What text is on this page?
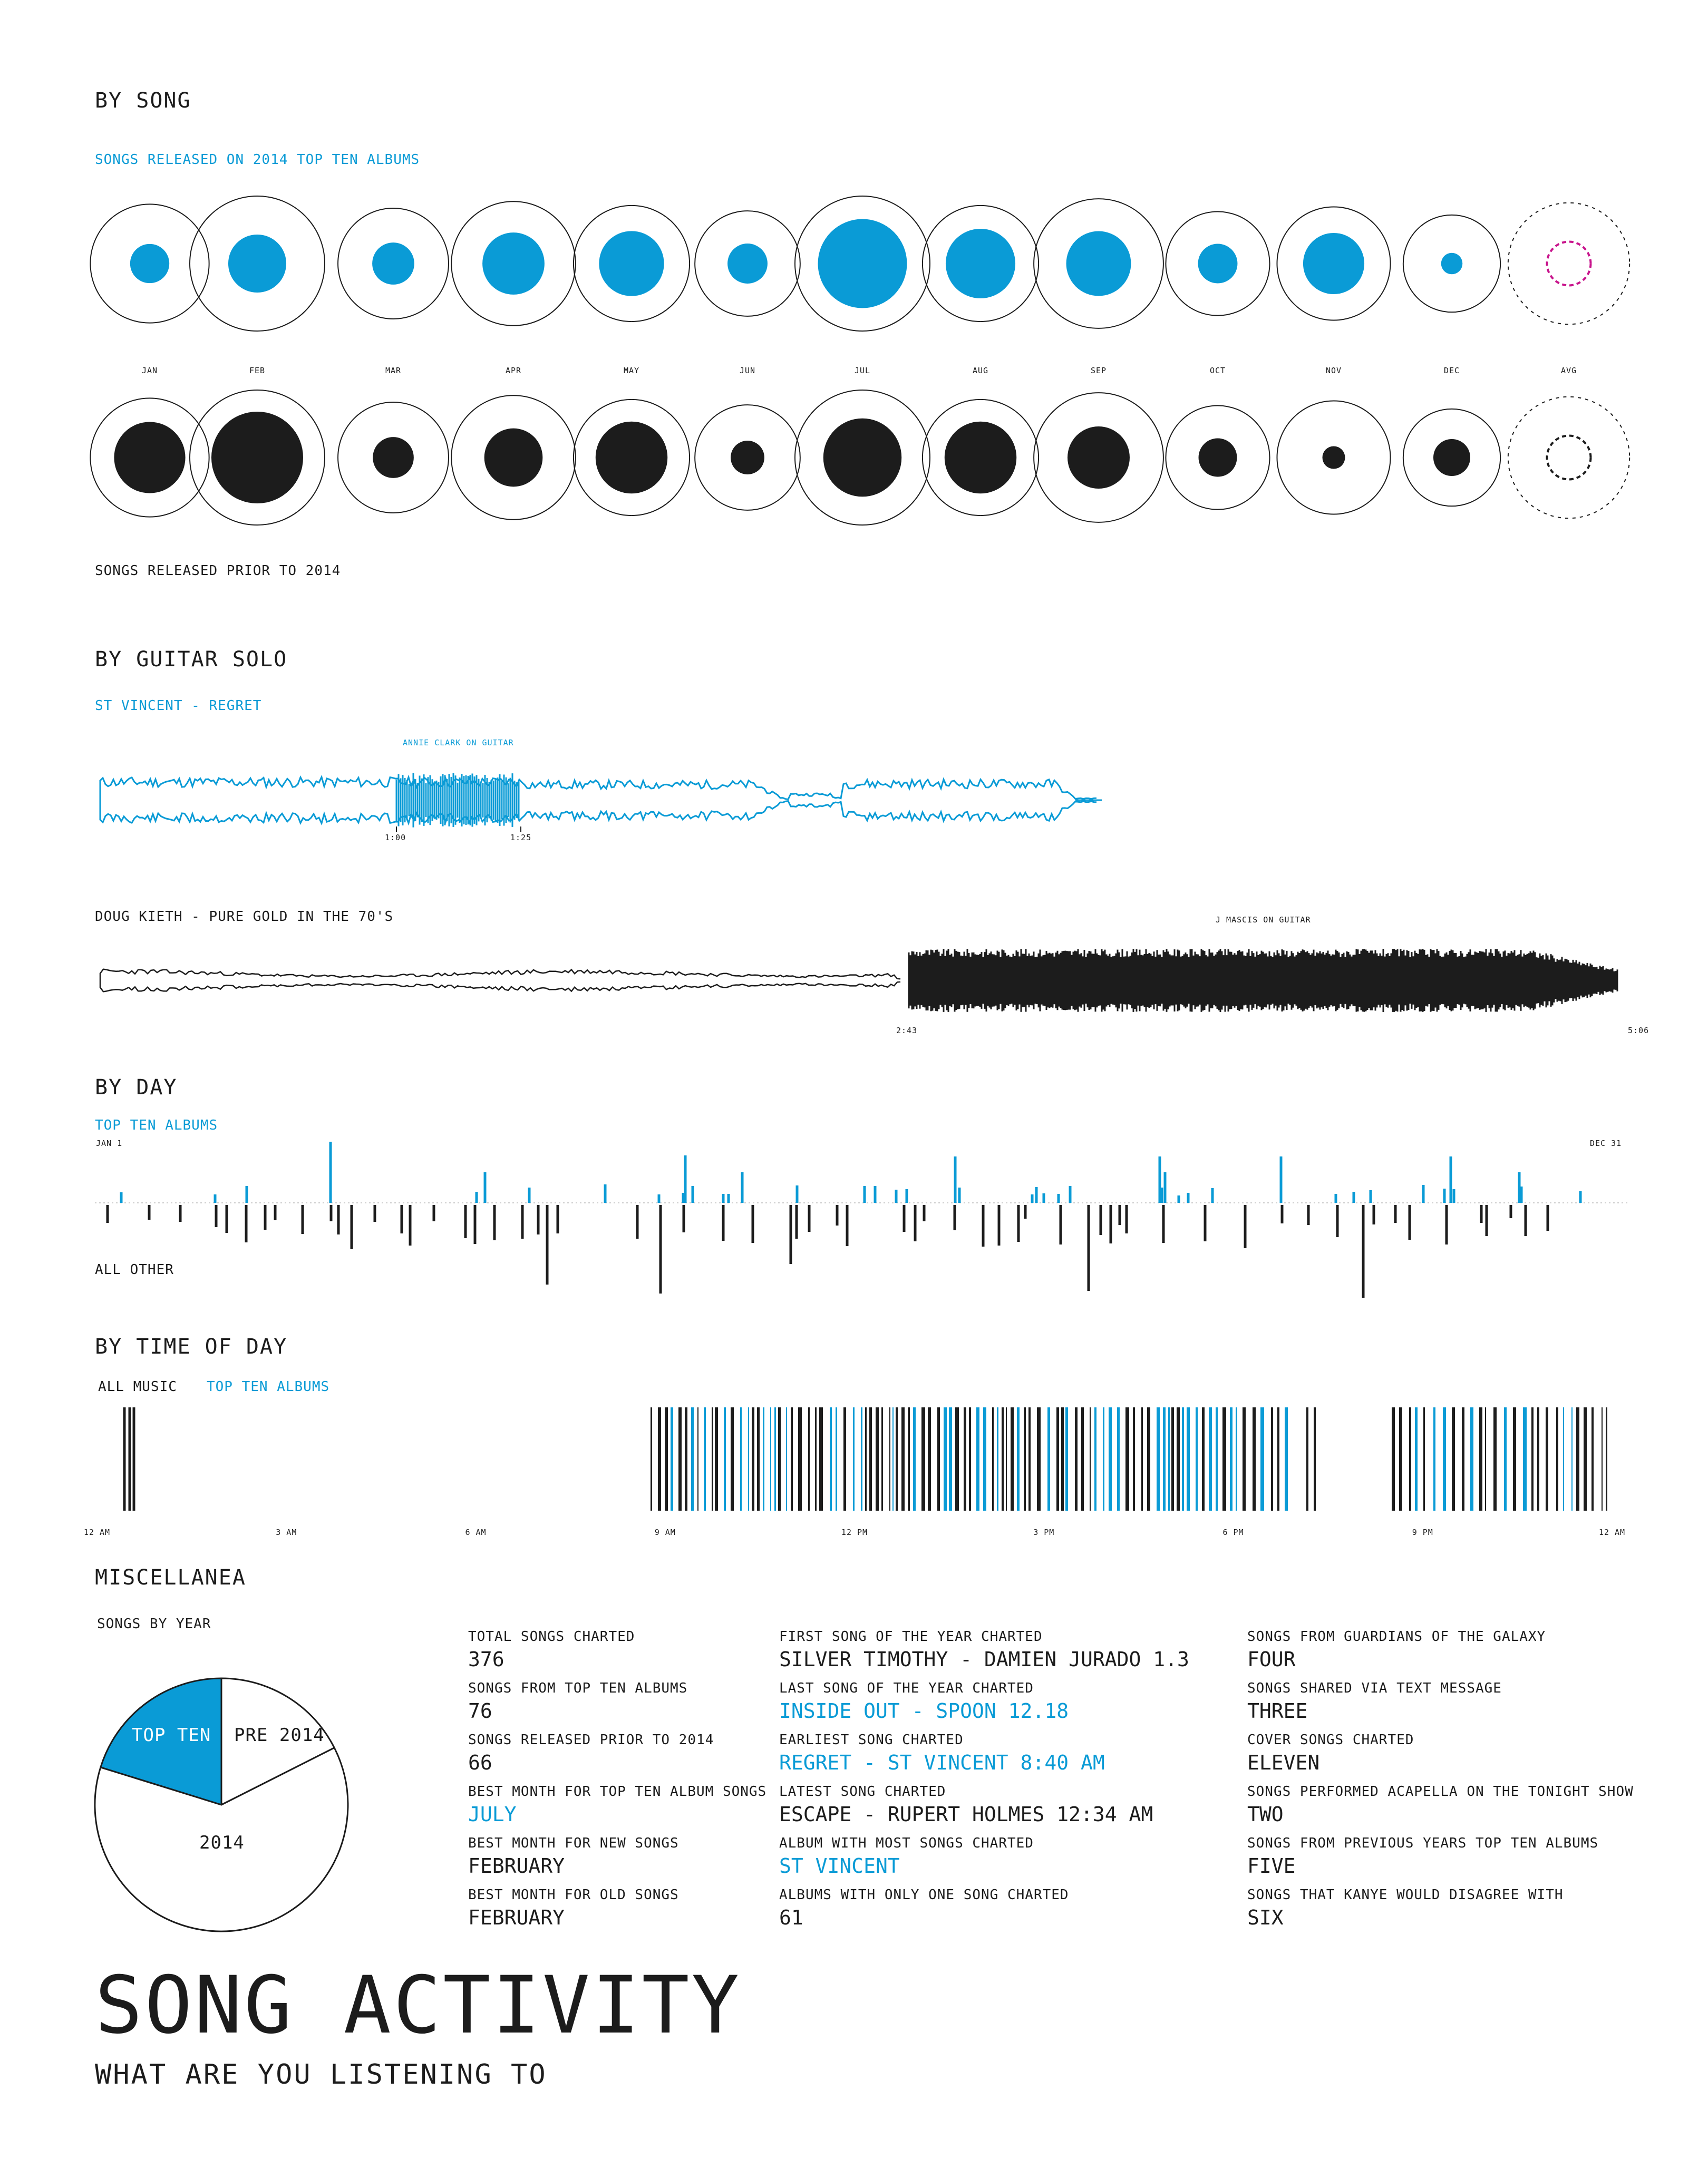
BY SONG
BY GUITAR SOLO
BY DAY
BY TIME OF DAY
MISCELLANEA
SONGS RELEASED ON 2014 TOP TEN ALBUMS
SONGS RELEASED PRIOR TO 2014
JAN	FEB	MAR	APR	MAY	JUN	JUL	AUG	SEP	OCT	NOV	DEC	AVG
ST VINCENT - REGRET
ANNIE CLARK ON GUITAR
1:00	1:25
DOUG KIETH - PURE GOLD IN THE 70'S	J MASCIS ON GUITAR
2:43	5:06
TOP TEN ALBUMS
JAN 1	DEC 31
ALL OTHER
ALL MUSIC TOP TEN ALBUMS
12 AM	3 AM	6 AM	9 AM	12 PM	3 PM	6 PM	9 PM	12 AM
SONGS BY YEAR
TOP TEN PRE 2014
2014
TOTAL SONGS CHARTED
376
SONGS FROM TOP TEN ALBUMS
76
SONGS RELEASED PRIOR TO 2014
66
BEST MONTH FOR TOP TEN ALBUM SONGS
JULY
BEST MONTH FOR NEW SONGS
FEBRUARY
BEST MONTH FOR OLD SONGS
FEBRUARY
FIRST SONG OF THE YEAR CHARTED
SILVER TIMOTHY - DAMIEN JURADO 1.3
LAST SONG OF THE YEAR CHARTED
INSIDE OUT - SPOON 12.18
EARLIEST SONG CHARTED
REGRET - ST VINCENT 8:40 AM
LATEST SONG CHARTED
ESCAPE - RUPERT HOLMES 12:34 AM
ALBUM WITH MOST SONGS CHARTED
ST VINCENT
ALBUMS WITH ONLY ONE SONG CHARTED
61
SONGS FROM GUARDIANS OF THE GALAXY
FOUR
SONGS SHARED VIA TEXT MESSAGE
THREE
COVER SONGS CHARTED
ELEVEN
SONGS PERFORMED ACAPELLA ON THE TONIGHT SHOW
TWO
SONGS FROM PREVIOUS YEARS TOP TEN ALBUMS
FIVE
SONGS THAT KANYE WOULD DISAGREE WITH
SIX
SONG ACTIVITY
WHAT ARE YOU LISTENING TO
